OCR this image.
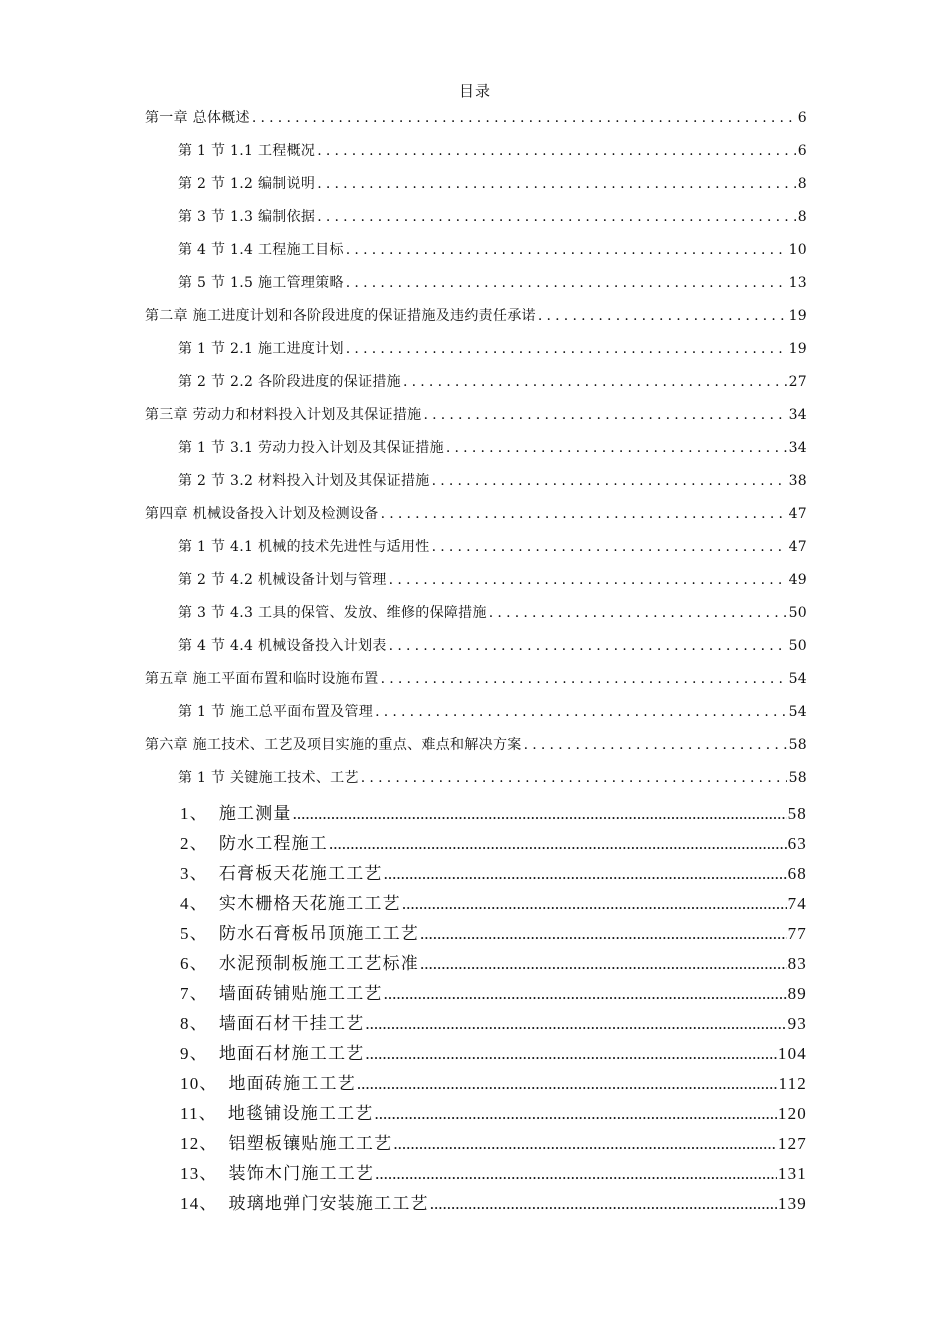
目录
第一章 总体概述 .....	6
第 1 节 1.1 工程概况 .....	6
第 2 节 1.2 编制说明 .....	8
第 3 节 1.3 编制依据 .....	8
第 4 节 1.4 工程施工目标 .....	10
第 5 节 1.5 施工管理策略 .....	13
第二章 施工进度计划和各阶段进度的保证措施及违约责任承诺 .....	19
第 1 节 2.1 施工进度计划 .....	19
第 2 节 2.2 各阶段进度的保证措施 .....	27
第三章 劳动力和材料投入计划及其保证措施 .....	34
第 1 节 3.1 劳动力投入计划及其保证措施 .....	34
第 2 节 3.2 材料投入计划及其保证措施 .....	38
第四章 机械设备投入计划及检测设备 .....	47
第 1 节 4.1 机械的技术先进性与适用性 .....	47
第 2 节 4.2 机械设备计划与管理 .....	49
第 3 节 4.3 工具的保管、发放、维修的保障措施 .....	50
第 4 节 4.4 机械设备投入计划表 .....	50
第五章 施工平面布置和临时设施布置 .....	54
第 1 节 施工总平面布置及管理 .....	54
第六章 施工技术、工艺及项目实施的重点、难点和解决方案 .....	58
第 1 节 关键施工技术、工艺 .....	58
1、 施工测量 .....	58
2、 防水工程施工 .....	63
3、 石膏板天花施工工艺 .....	68
4、 实木栅格天花施工工艺 .....	74
5、 防水石膏板吊顶施工工艺 .....	77
6、 水泥预制板施工工艺标准 .....	83
7、 墙面砖铺贴施工工艺 .....	89
8、 墙面石材干挂工艺 .....	93
9、 地面石材施工工艺 .....	104
10、 地面砖施工工艺 .....	112
11、 地毯铺设施工工艺 .....	120
12、 铝塑板镶贴施工工艺 .....	127
13、 装饰木门施工工艺 .....	131
14、 玻璃地弹门安装施工工艺 .....	139
